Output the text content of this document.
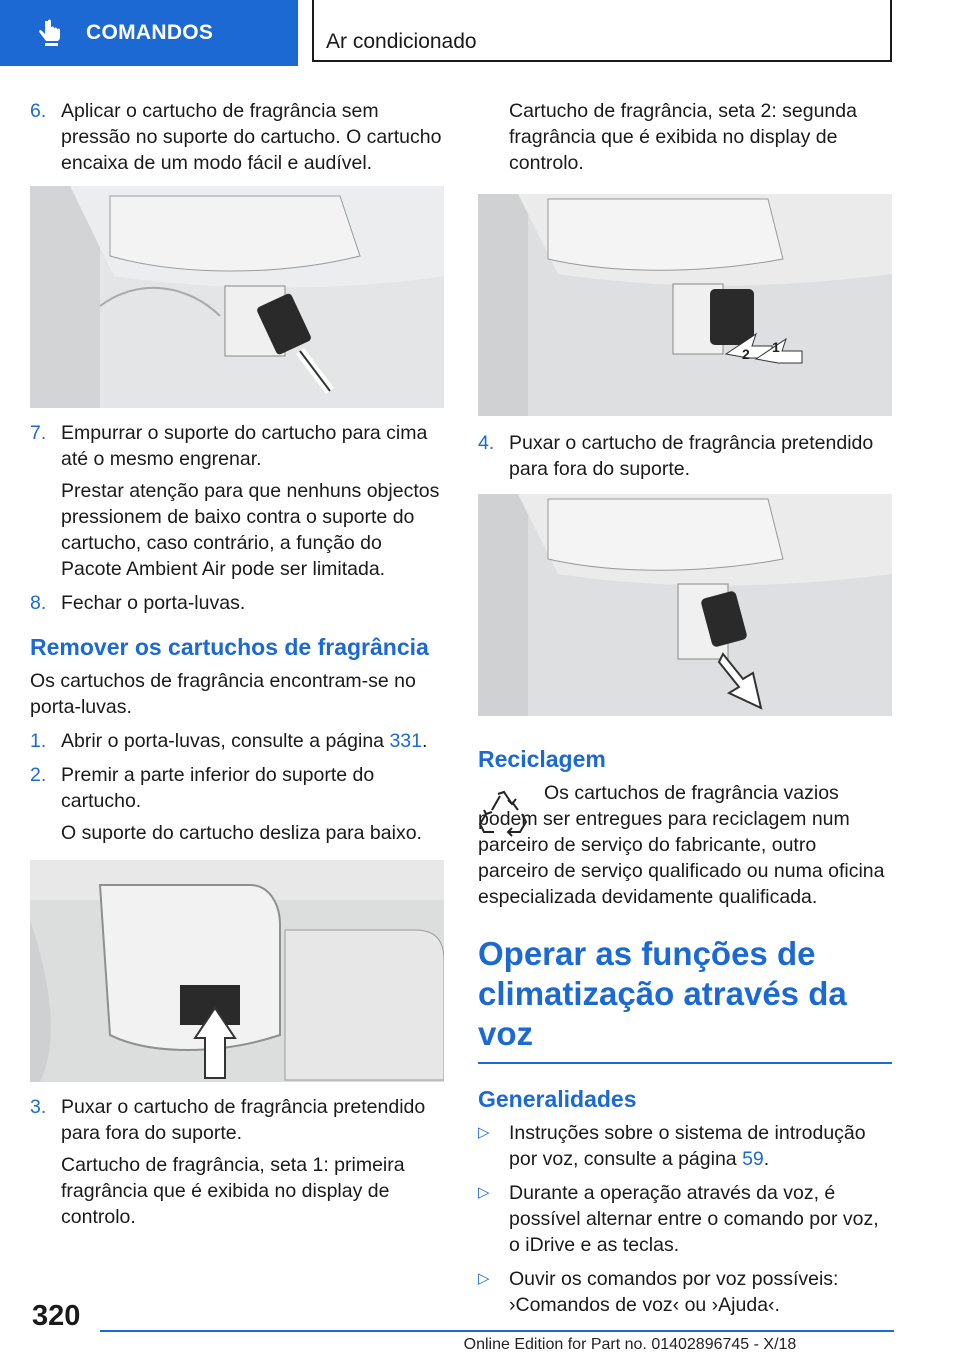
COMANDOS	Ar condicionado
6. Aplicar o cartucho de fragrância sem pressão no suporte do cartucho. O cartucho encaixa de um modo fácil e audível.

7. Empurrar o suporte do cartucho para cima até o mesmo engrenar.

Prestar atenção para que nenhuns objectos pressionem de baixo contra o suporte do cartucho, caso contrário, a função do Pacote Ambient Air pode ser limitada.

8. Fechar o porta-luvas.

Remover os cartuchos de fragrância

Os cartuchos de fragrância encontram-se no porta-luvas.

1. Abrir o porta-luvas, consulte a página 331.

2. Premir a parte inferior do suporte do cartucho.

O suporte do cartucho desliza para baixo.

3. Puxar o cartucho de fragrância pretendido para fora do suporte.

Cartucho de fragrância, seta 1: primeira fragrância que é exibida no display de controlo.

Cartucho de fragrância, seta 2: segunda fragrância que é exibida no display de controlo.

2 1
4. Puxar o cartucho de fragrância pretendido para fora do suporte.

Reciclagem

Os cartuchos de fragrância vazios podem ser entregues para reciclagem num parceiro de serviço do fabricante, outro parceiro de serviço qualificado ou numa oficina especializada devidamente qualificada.

Operar as funções de climatização através da voz
Generalidades
▷ Instruções sobre o sistema de introdução por voz, consulte a página 59.

▷ Durante a operação através da voz, é possível alternar entre o comando por voz, o iDrive e as teclas.

▷ Ouvir os comandos por voz possíveis: ›Comandos de voz‹ ou ›Ajuda‹.

320
Online Edition for Part no. 01402896745 - X/18
